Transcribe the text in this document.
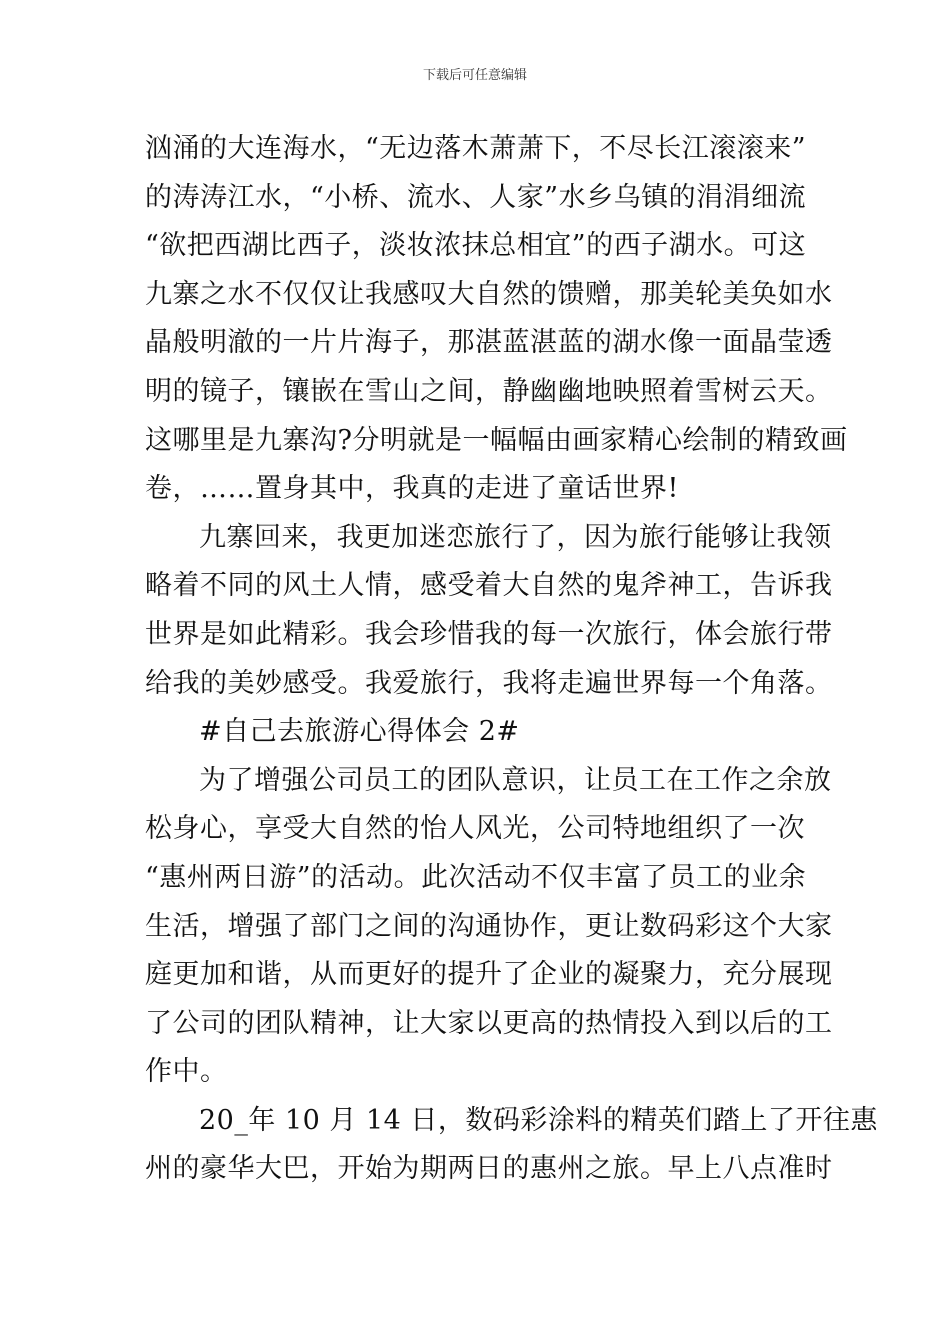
下载后可任意编辑
汹涌的大连海水，“无边落木萧萧下，不尽长江滚滚来”
的涛涛江水，“小桥、流水、人家”水乡乌镇的涓涓细流
“欲把西湖比西子，淡妆浓抹总相宜”的西子湖水。可这
九寨之水不仅仅让我感叹大自然的馈赠，那美轮美奂如水
晶般明澈的一片片海子，那湛蓝湛蓝的湖水像一面晶莹透
明的镜子，镶嵌在雪山之间，静幽幽地映照着雪树云天。
这哪里是九寨沟?分明就是一幅幅由画家精心绘制的精致画
卷，……置身其中，我真的走进了童话世界!
九寨回来，我更加迷恋旅行了，因为旅行能够让我领
略着不同的风土人情，感受着大自然的鬼斧神工，告诉我
世界是如此精彩。我会珍惜我的每一次旅行，体会旅行带
给我的美妙感受。我爱旅行，我将走遍世界每一个角落。
#自己去旅游心得体会 2#
为了增强公司员工的团队意识，让员工在工作之余放
松身心，享受大自然的怡人风光，公司特地组织了一次
“惠州两日游”的活动。此次活动不仅丰富了员工的业余
生活，增强了部门之间的沟通协作，更让数码彩这个大家
庭更加和谐，从而更好的提升了企业的凝聚力，充分展现
了公司的团队精神，让大家以更高的热情投入到以后的工
作中。
20_年 10 月 14 日，数码彩涂料的精英们踏上了开往惠
州的豪华大巴，开始为期两日的惠州之旅。早上八点准时
